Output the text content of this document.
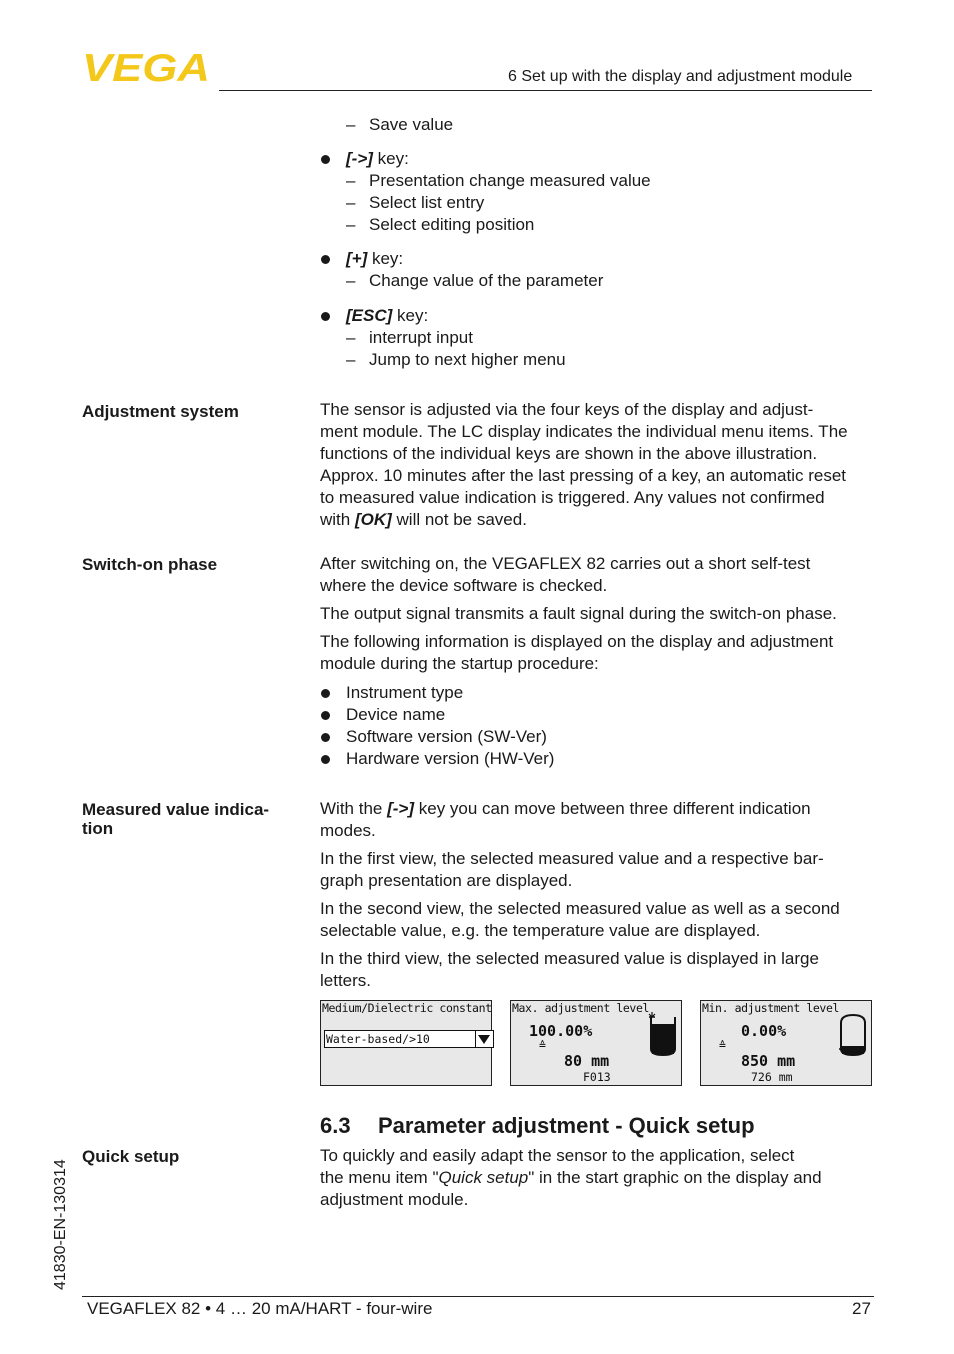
VEGA	6 Set up with the display and adjustment module
– Save value
[->] key:
– Presentation change measured value
– Select list entry
– Select editing position
[+] key:
– Change value of the parameter
[ESC] key:
– interrupt input
– Jump to next higher menu
Adjustment system	The sensor is adjusted via the four keys of the display and adjust-
ment module. The LC display indicates the individual menu items. The
functions of the individual keys are shown in the above illustration.
Approx. 10 minutes after the last pressing of a key, an automatic reset
to measured value indication is triggered. Any values not confirmed
with [OK] will not be saved.
Switch-on phase	After switching on, the VEGAFLEX 82 carries out a short self-test
where the device software is checked.
The output signal transmits a fault signal during the switch-on phase.
The following information is displayed on the display and adjustment
module during the startup procedure:
Instrument type
Device name
Software version (SW-Ver)
Hardware version (HW-Ver)
Measured value indica-
tion
With the [->] key you can move between three different indication
modes.
In the first view, the selected measured value and a respective bar-
graph presentation are displayed.
In the second view, the selected measured value as well as a second
selectable value, e.g. the temperature value are displayed.
In the third view, the selected measured value is displayed in large
letters.
Medium/Dielectric constant
Water-based/>10
Max. adjustment level
100.00%
≙
80 mm
F013
Min. adjustment level
0.00%
≙
850 mm
726 mm
6.3 Parameter adjustment - Quick setup
Quick setup	To quickly and easily adapt the sensor to the application, select
the menu item "Quick setup" in the start graphic on the display and
adjustment module.
41830-EN-130314
VEGAFLEX 82 • 4 … 20 mA/HART - four-wire	27
